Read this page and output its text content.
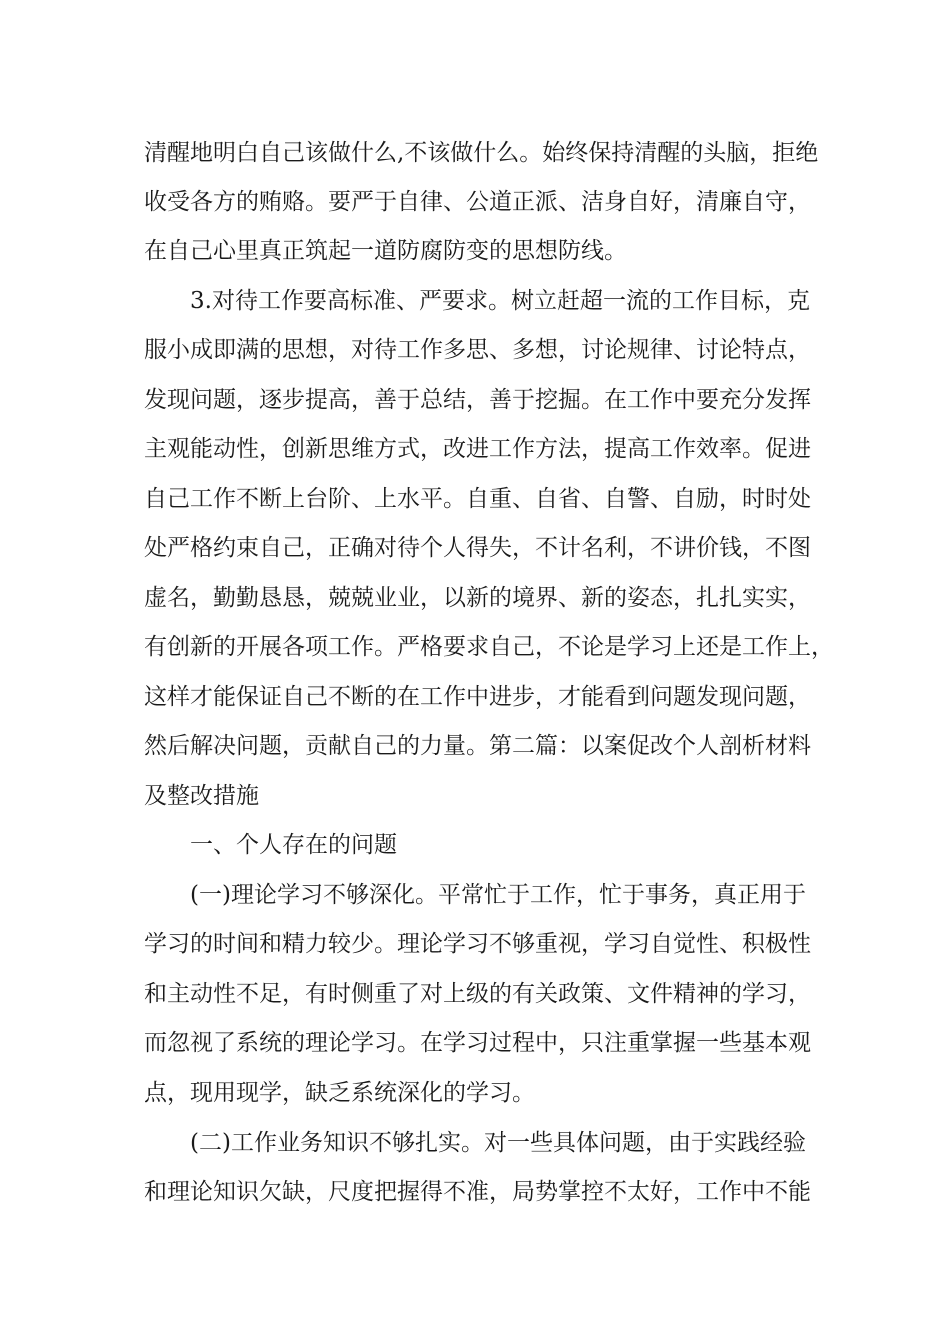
清醒地明白自己该做什么,不该做什么。始终保持清醒的头脑，拒绝

收受各方的贿赂。要严于自律、公道正派、洁身自好，清廉自守，

在自己心里真正筑起一道防腐防变的思想防线。

3.对待工作要高标准、严要求。树立赶超一流的工作目标，克

服小成即满的思想，对待工作多思、多想，讨论规律、讨论特点，

发现问题，逐步提高，善于总结，善于挖掘。在工作中要充分发挥

主观能动性，创新思维方式，改进工作方法，提高工作效率。促进

自己工作不断上台阶、上水平。自重、自省、自警、自励，时时处

处严格约束自己，正确对待个人得失，不计名利，不讲价钱，不图

虚名，勤勤恳恳，兢兢业业，以新的境界、新的姿态，扎扎实实，

有创新的开展各项工作。严格要求自己，不论是学习上还是工作上，

这样才能保证自己不断的在工作中进步，才能看到问题发现问题，

然后解决问题，贡献自己的力量。第二篇：以案促改个人剖析材料

及整改措施

一、个人存在的问题

(一)理论学习不够深化。平常忙于工作，忙于事务，真正用于

学习的时间和精力较少。理论学习不够重视，学习自觉性、积极性

和主动性不足，有时侧重了对上级的有关政策、文件精神的学习，

而忽视了系统的理论学习。在学习过程中，只注重掌握一些基本观

点，现用现学，缺乏系统深化的学习。

(二)工作业务知识不够扎实。对一些具体问题，由于实践经验

和理论知识欠缺，尺度把握得不准，局势掌控不太好，工作中不能
